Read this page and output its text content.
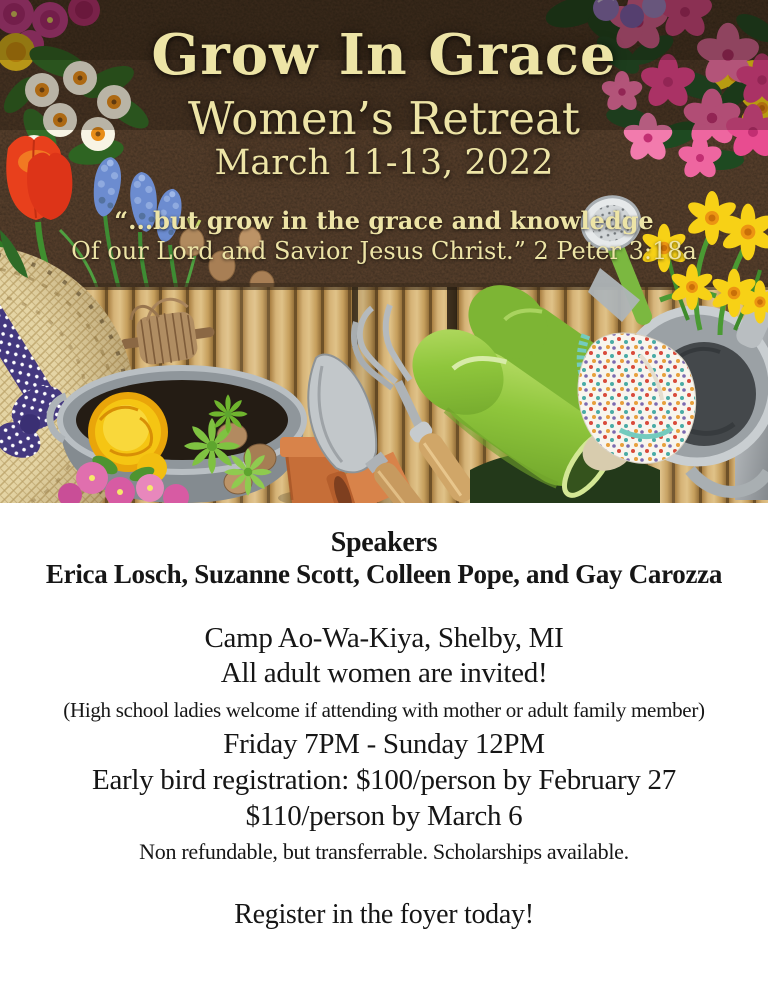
Grow In Grace
Women’s Retreat
March 11-13, 2022
“...but grow in the grace and knowledge
Of our Lord and Savior Jesus Christ.” 2 Peter 3:18a
Speakers
Erica Losch, Suzanne Scott, Colleen Pope, and Gay Carozza
Camp Ao-Wa-Kiya, Shelby, MI
All adult women are invited!
(High school ladies welcome if attending with mother or adult family member)
Friday 7PM - Sunday 12PM
Early bird registration: $100/person by February 27
$110/person by March 6
Non refundable, but transferrable. Scholarships available.
Register in the foyer today!
